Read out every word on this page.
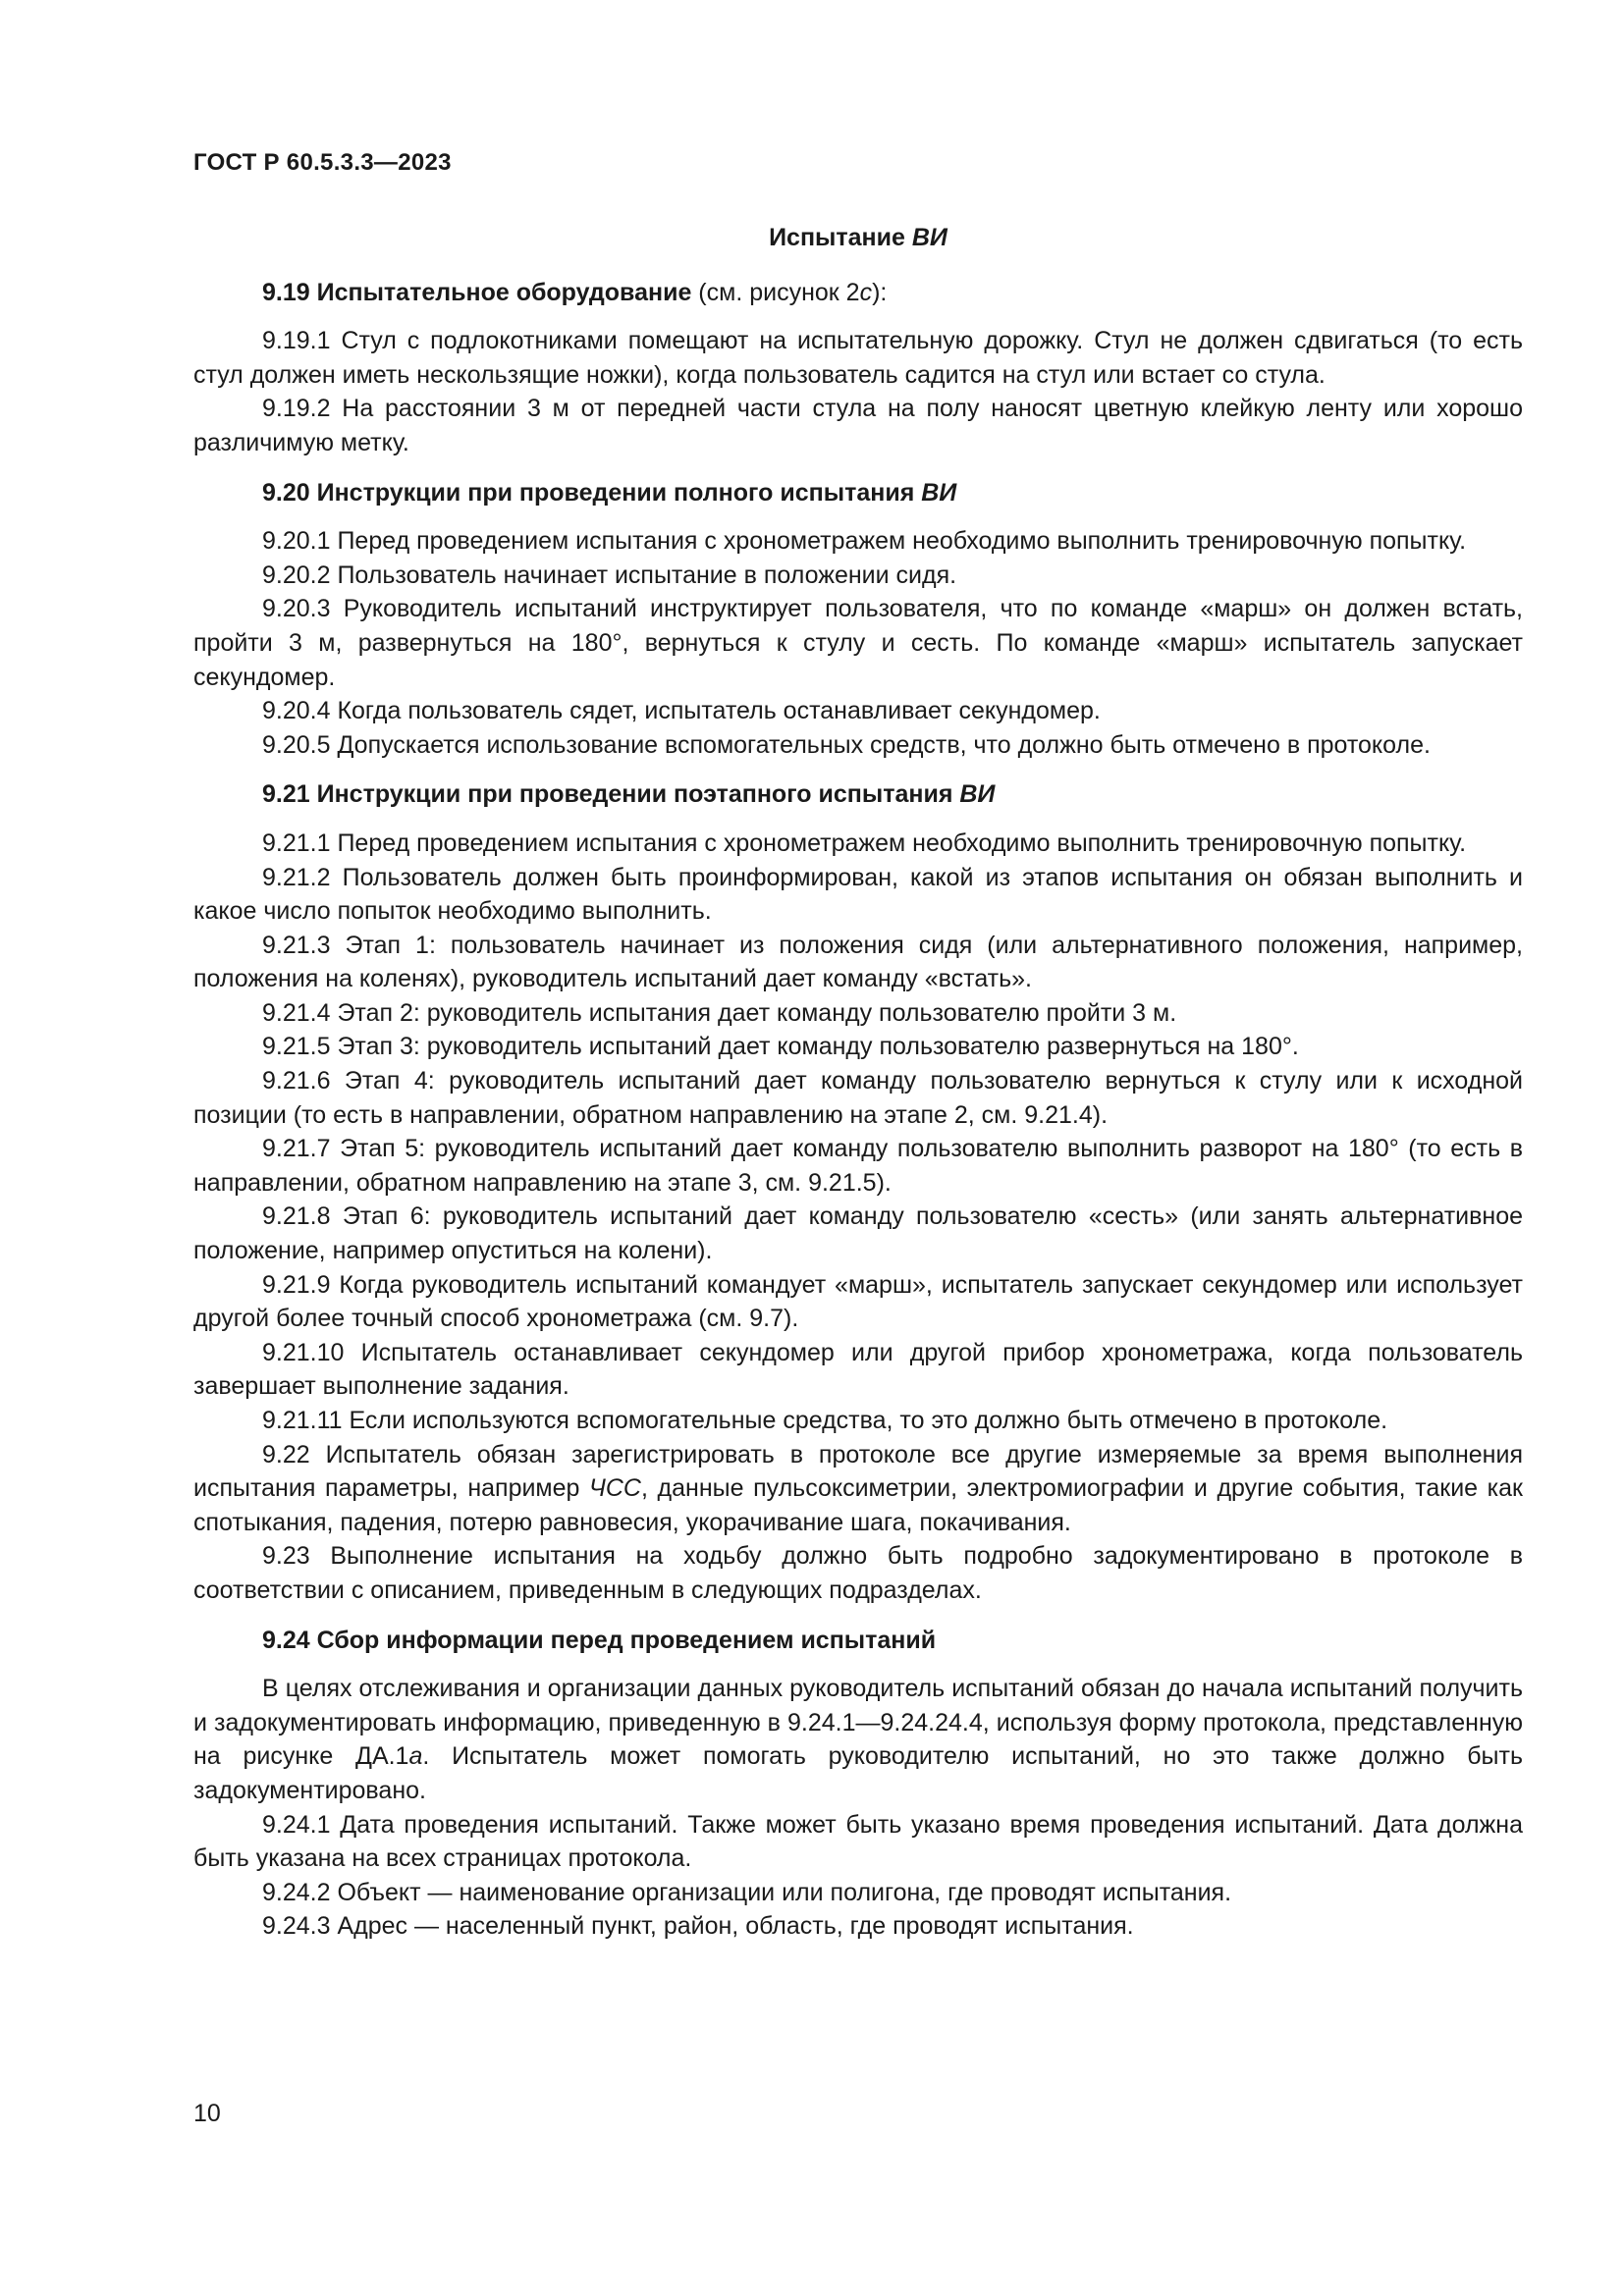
ГОСТ Р 60.5.3.3—2023
Испытание ВИ
9.19 Испытательное оборудование (см. рисунок 2с):

9.19.1 Стул с подлокотниками помещают на испытательную дорожку. Стул не должен сдвигаться (то есть стул должен иметь нескользящие ножки), когда пользователь садится на стул или встает со стула.

9.19.2 На расстоянии 3 м от передней части стула на полу наносят цветную клейкую ленту или хорошо различимую метку.

9.20 Инструкции при проведении полного испытания ВИ

9.20.1 Перед проведением испытания с хронометражем необходимо выполнить тренировочную попытку.

9.20.2 Пользователь начинает испытание в положении сидя.

9.20.3 Руководитель испытаний инструктирует пользователя, что по команде «марш» он должен встать, пройти 3 м, развернуться на 180°, вернуться к стулу и сесть. По команде «марш» испытатель запускает секундомер.

9.20.4 Когда пользователь сядет, испытатель останавливает секундомер.

9.20.5 Допускается использование вспомогательных средств, что должно быть отмечено в протоколе.

9.21 Инструкции при проведении поэтапного испытания ВИ

9.21.1 Перед проведением испытания с хронометражем необходимо выполнить тренировочную попытку.

9.21.2 Пользователь должен быть проинформирован, какой из этапов испытания он обязан выполнить и какое число попыток необходимо выполнить.

9.21.3 Этап 1: пользователь начинает из положения сидя (или альтернативного положения, например, положения на коленях), руководитель испытаний дает команду «встать».

9.21.4 Этап 2: руководитель испытания дает команду пользователю пройти 3 м.

9.21.5 Этап 3: руководитель испытаний дает команду пользователю развернуться на 180°.

9.21.6 Этап 4: руководитель испытаний дает команду пользователю вернуться к стулу или к исходной позиции (то есть в направлении, обратном направлению на этапе 2, см. 9.21.4).

9.21.7 Этап 5: руководитель испытаний дает команду пользователю выполнить разворот на 180° (то есть в направлении, обратном направлению на этапе 3, см. 9.21.5).

9.21.8 Этап 6: руководитель испытаний дает команду пользователю «сесть» (или занять альтернативное положение, например опуститься на колени).

9.21.9 Когда руководитель испытаний командует «марш», испытатель запускает секундомер или использует другой более точный способ хронометража (см. 9.7).

9.21.10 Испытатель останавливает секундомер или другой прибор хронометража, когда пользователь завершает выполнение задания.

9.21.11 Если используются вспомогательные средства, то это должно быть отмечено в протоколе.

9.22 Испытатель обязан зарегистрировать в протоколе все другие измеряемые за время выполнения испытания параметры, например ЧСС, данные пульсоксиметрии, электромиографии и другие события, такие как спотыкания, падения, потерю равновесия, укорачивание шага, покачивания.

9.23 Выполнение испытания на ходьбу должно быть подробно задокументировано в протоколе в соответствии с описанием, приведенным в следующих подразделах.

9.24 Сбор информации перед проведением испытаний

В целях отслеживания и организации данных руководитель испытаний обязан до начала испытаний получить и задокументировать информацию, приведенную в 9.24.1—9.24.24.4, используя форму протокола, представленную на рисунке ДА.1а. Испытатель может помогать руководителю испытаний, но это также должно быть задокументировано.

9.24.1 Дата проведения испытаний. Также может быть указано время проведения испытаний. Дата должна быть указана на всех страницах протокола.

9.24.2 Объект — наименование организации или полигона, где проводят испытания.

9.24.3 Адрес — населенный пункт, район, область, где проводят испытания.

10
